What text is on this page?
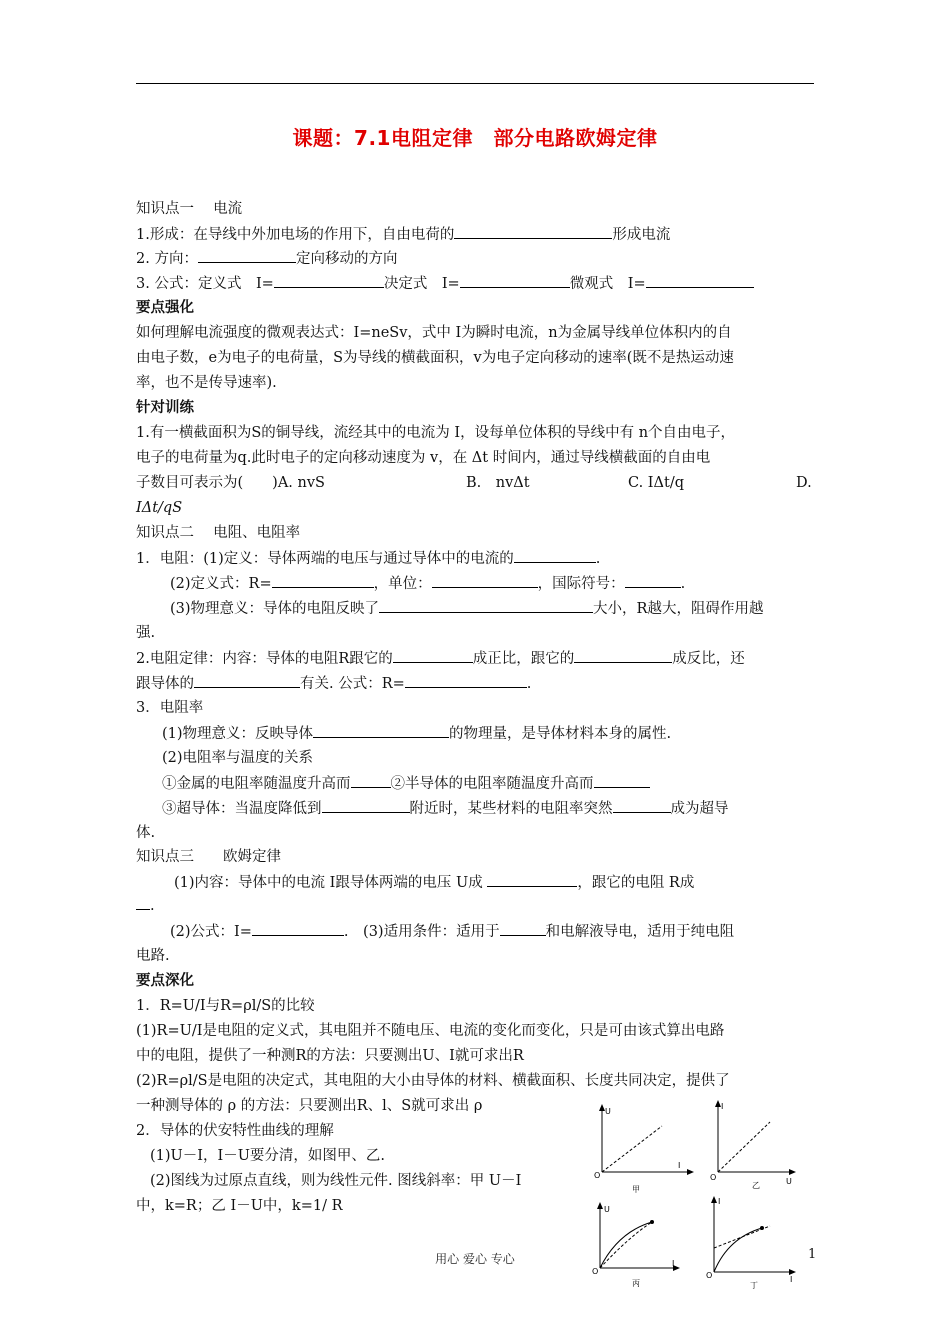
课题：7.1电阻定律　部分电路欧姆定律
知识点一　 电流
1.形成：在导线中外加电场的作用下，自由电荷的	形成电流
2. 方向：	定向移动的方向
3. 公式：定义式　I=	决定式　I=	微观式　I=
要点强化
如何理解电流强度的微观表达式：I=neSv，式中 I为瞬时电流，n为金属导线单位体积内的自
由电子数，e为电子的电荷量，S为导线的横截面积，v为电子定向移动的速率(既不是热运动速
率，也不是传导速率).
针对训练
1.有一横截面积为S的铜导线，流经其中的电流为 I，设每单位体积的导线中有 n个自由电子，
电子的电荷量为q.此时电子的定向移动速度为 v，在 Δt 时间内，通过导线横截面的自由电
子数目可表示为(　　)A. nvS	B.　nvΔt	C. IΔt/q	D.
IΔt/qS
知识点二　 电阻、电阻率
1．电阻：(1)定义：导体两端的电压与通过导体中的电流的	.
(2)定义式：R=	，单位：	，国际符号：	.
(3)物理意义：导体的电阻反映了	大小，R越大，阻碍作用越
强.
2.电阻定律：内容：导体的电阻R跟它的	成正比，跟它的	成反比，还
跟导体的	有关. 公式：R=	.
3．电阻率
(1)物理意义：反映导体	的物理量，是导体材料本身的属性.
(2)电阻率与温度的关系
①金属的电阻率随温度升高而	②半导体的电阻率随温度升高而
③超导体：当温度降低到	附近时，某些材料的电阻率突然	成为超导
体.
知识点三　　欧姆定律
(1)内容：导体中的电流 I跟导体两端的电压 U成	，跟它的电阻 R成
.
(2)公式：I=	.　(3)适用条件：适用于	和电解液导电，适用于纯电阻
电路.
要点深化
1．R=U/I与R=ρl/S的比较
(1)R=U/I是电阻的定义式，其电阻并不随电压、电流的变化而变化，只是可由该式算出电路
中的电阻，提供了一种测R的方法：只要测出U、I就可求出R
(2)R=ρl/S是电阻的决定式，其电阻的大小由导体的材料、横截面积、长度共同决定，提供了
一种测导体的 ρ 的方法：只要测出R、l、S就可求出 ρ
2．导体的伏安特性曲线的理解
(1)U－I，I－U要分清，如图甲、乙.
(2)图线为过原点直线，则为线性元件. 图线斜率：甲 U－I
中，k=R；乙 I－U中，k=1/ R
U
I
O
甲
I
U
O
乙
U
I
O
丙
I
I
O
丁
用心 爱心 专心	1
